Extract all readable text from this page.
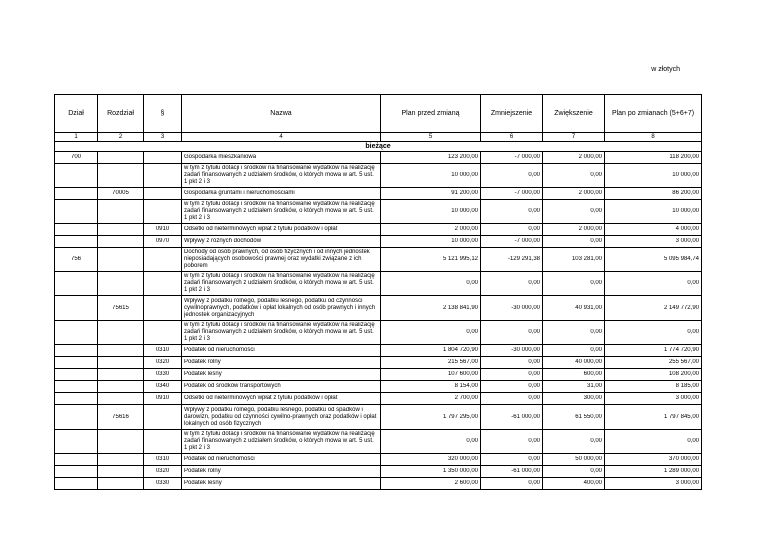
w złotych
Dział	Rozdział	§	Nazwa	Plan przed zmianą	Zmniejszenie	Zwiększenie	Plan po zmianach (5+6+7)
1	2	3	4	5	6	7	8
bieżące							

700			Gospodarka mieszkaniowa	123 200,00	-7 000,00	2 000,00	118 200,00

			w tym z tytułu dotacji i środków na finansowanie wydatków na realizację zadań finansowanych z udziałem środków, o których mowa w art. 5 ust. 1 pkt 2 i 3	10 000,00	0,00	0,00	10 000,00

	70005		Gospodarka gruntami i nieruchomościami	91 200,00	-7 000,00	2 000,00	86 200,00

			w tym z tytułu dotacji i środków na finansowanie wydatków na realizację zadań finansowanych z udziałem środków, o których mowa w art. 5 ust. 1 pkt 2 i 3	10 000,00	0,00	0,00	10 000,00

		0910	Odsetki od nieterminowych wpłat z tytułu podatków i opłat	2 000,00	0,00	2 000,00	4 000,00

		0970	Wpływy z różnych dochodów	10 000,00	-7 000,00	0,00	3 000,00

756			Dochody od osób prawnych, od osób fizycznych i od innych jednostek nieposiadających osobowości prawnej oraz wydatki związane z ich poborem	5 121 995,12	-129 291,38	103 281,00	5 095 984,74

			w tym z tytułu dotacji i środków na finansowanie wydatków na realizację zadań finansowanych z udziałem środków, o których mowa w art. 5 ust. 1 pkt 2 i 3	0,00	0,00	0,00	0,00

	75615		Wpływy z podatku rolnego, podatku leśnego, podatku od czynności cywilnoprawnych, podatków i opłat lokalnych od osób prawnych i innych jednostek organizacyjnych	2 138 841,90	-30 000,00	40 931,00	2 149 772,90

			w tym z tytułu dotacji i środków na finansowanie wydatków na realizację zadań finansowanych z udziałem środków, o których mowa w art. 5 ust. 1 pkt 2 i 3	0,00	0,00	0,00	0,00

		0310	Podatek od nieruchomości	1 804 720,90	-30 000,00	0,00	1 774 720,90

		0320	Podatek rolny	215 567,00	0,00	40 000,00	255 567,00

		0330	Podatek leśny	107 600,00	0,00	600,00	108 200,00

		0340	Podatek od środków transportowych	8 154,00	0,00	31,00	8 185,00

		0910	Odsetki od nieterminowych wpłat z tytułu podatków i opłat	2 700,00	0,00	300,00	3 000,00

	75616		Wpływy z podatku rolnego, podatku leśnego, podatku od spadków i darowizn, podatku od czynności cywilno-prawnych oraz podatków i opłat lokalnych od osób fizycznych	1 797 295,00	-61 000,00	61 550,00	1 797 845,00

			w tym z tytułu dotacji i środków na finansowanie wydatków na realizację zadań finansowanych z udziałem środków, o których mowa w art. 5 ust. 1 pkt 2 i 3	0,00	0,00	0,00	0,00

		0310	Podatek od nieruchomości	320 000,00	0,00	50 000,00	370 000,00

		0320	Podatek rolny	1 350 000,00	-61 000,00	0,00	1 289 000,00

		0330	Podatek leśny	2 600,00	0,00	400,00	3 000,00
